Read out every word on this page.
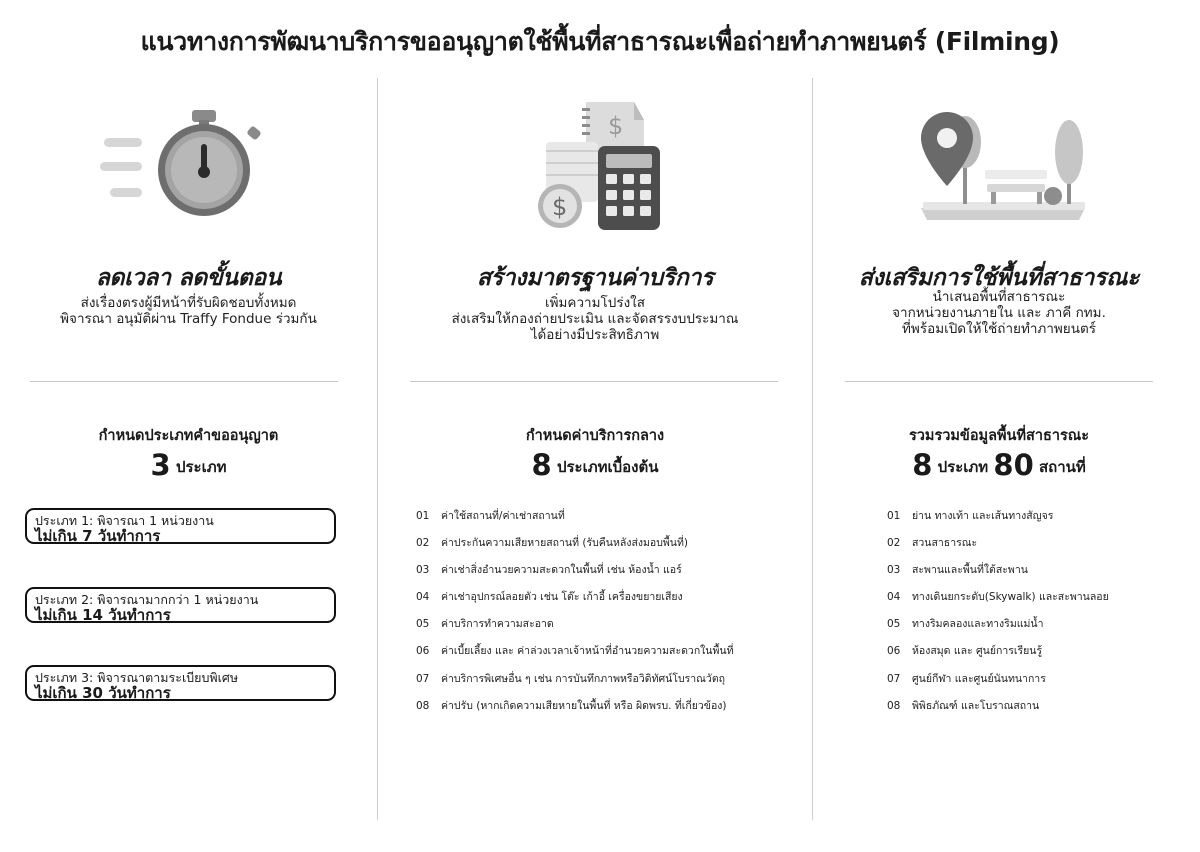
แนวทางการพัฒนาบริการขออนุญาตใช้พื้นที่สาธารณะเพื่อถ่ายทำภาพยนตร์ (Filming)
ลดเวลา ลดขั้นตอน
ส่งเรื่องตรงผู้มีหน้าที่รับผิดชอบทั้งหมด
พิจารณา อนุมัติผ่าน Traffy Fondue ร่วมกัน
กำหนดประเภทคำขออนุญาต
3 ประเภท
ประเภท 1: พิจารณา 1 หน่วยงาน
ไม่เกิน 7 วันทำการ
ประเภท 2: พิจารณามากกว่า 1 หน่วยงาน
ไม่เกิน 14 วันทำการ
ประเภท 3: พิจารณาตามระเบียบพิเศษ
ไม่เกิน 30 วันทำการ
$
$
สร้างมาตรฐานค่าบริการ
เพิ่มความโปร่งใส
ส่งเสริมให้กองถ่ายประเมิน และจัดสรรงบประมาณ
ได้อย่างมีประสิทธิภาพ
กำหนดค่าบริการกลาง
8 ประเภทเบื้องต้น
01 ค่าใช้สถานที่/ค่าเช่าสถานที่
02 ค่าประกันความเสียหายสถานที่ (รับคืนหลังส่งมอบพื้นที่)
03 ค่าเช่าสิ่งอำนวยความสะดวกในพื้นที่ เช่น ห้องน้ำ แอร์
04 ค่าเช่าอุปกรณ์ลอยตัว เช่น โต๊ะ เก้าอี้ เครื่องขยายเสียง
05 ค่าบริการทำความสะอาด
06 ค่าเบี้ยเลี้ยง และ ค่าล่วงเวลาเจ้าหน้าที่อำนวยความสะดวกในพื้นที่
07 ค่าบริการพิเศษอื่น ๆ เช่น การบันทึกภาพหรือวิดิทัศน์โบราณวัตถุ
08 ค่าปรับ (หากเกิดความเสียหายในพื้นที่ หรือ ผิดพรบ. ที่เกี่ยวข้อง)
ส่งเสริมการใช้พื้นที่สาธารณะ
นำเสนอพื้นที่สาธารณะ
จากหน่วยงานภายใน และ ภาคี กทม.
ที่พร้อมเปิดให้ใช้ถ่ายทำภาพยนตร์
รวมรวมข้อมูลพื้นที่สาธารณะ
8 ประเภท 80 สถานที่
01 ย่าน ทางเท้า และเส้นทางสัญจร
02 สวนสาธารณะ
03 สะพานและพื้นที่ใต้สะพาน
04 ทางเดินยกระดับ(Skywalk) และสะพานลอย
05 ทางริมคลองและทางริมแม่น้ำ
06 ห้องสมุด และ ศูนย์การเรียนรู้
07 ศูนย์กีฬา และศูนย์นันทนาการ
08 พิพิธภัณฑ์ และโบราณสถาน
